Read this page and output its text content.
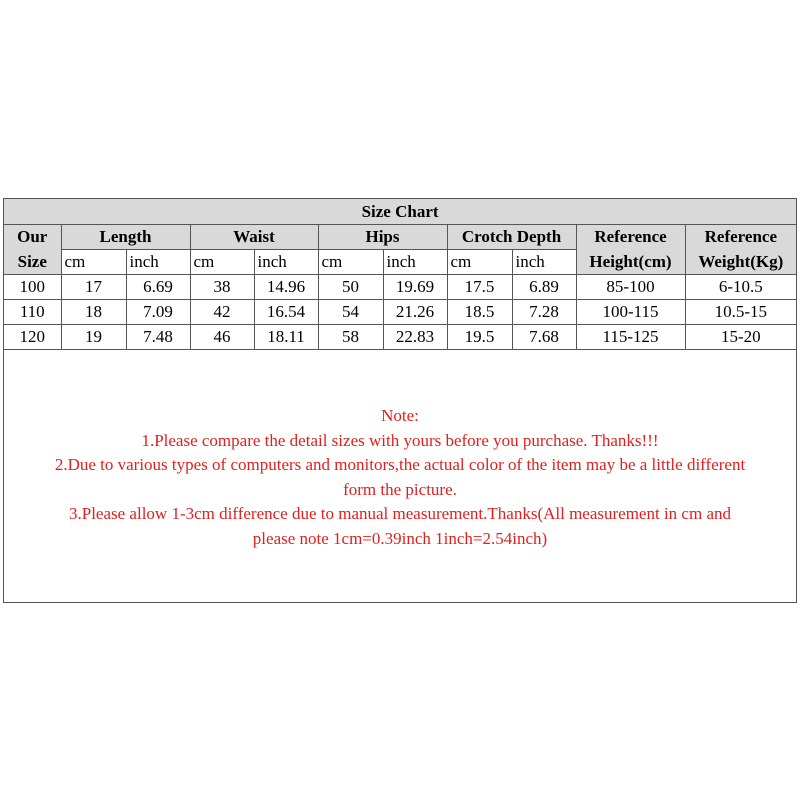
Size Chart										
Our	Length		Waist		Hips		Crotch Depth		Reference	Reference
Size	cm	inch	cm	inch	cm	inch	cm	inch	Height(cm)	Weight(Kg)
100	17	6.69	38	14.96	50	19.69	17.5	6.89	85-100	6-10.5
110	18	7.09	42	16.54	54	21.26	18.5	7.28	100-115	10.5-15
120	19	7.48	46	18.11	58	22.83	19.5	7.68	115-125	15-20
Note:
1.Please compare the detail sizes with yours before you purchase. Thanks!!!
2.Due to various types of computers and monitors,the actual color of the item may be a little different
form the picture.
3.Please allow 1-3cm difference due to manual measurement.Thanks(All measurement in cm and
please note 1cm=0.39inch 1inch=2.54inch)
